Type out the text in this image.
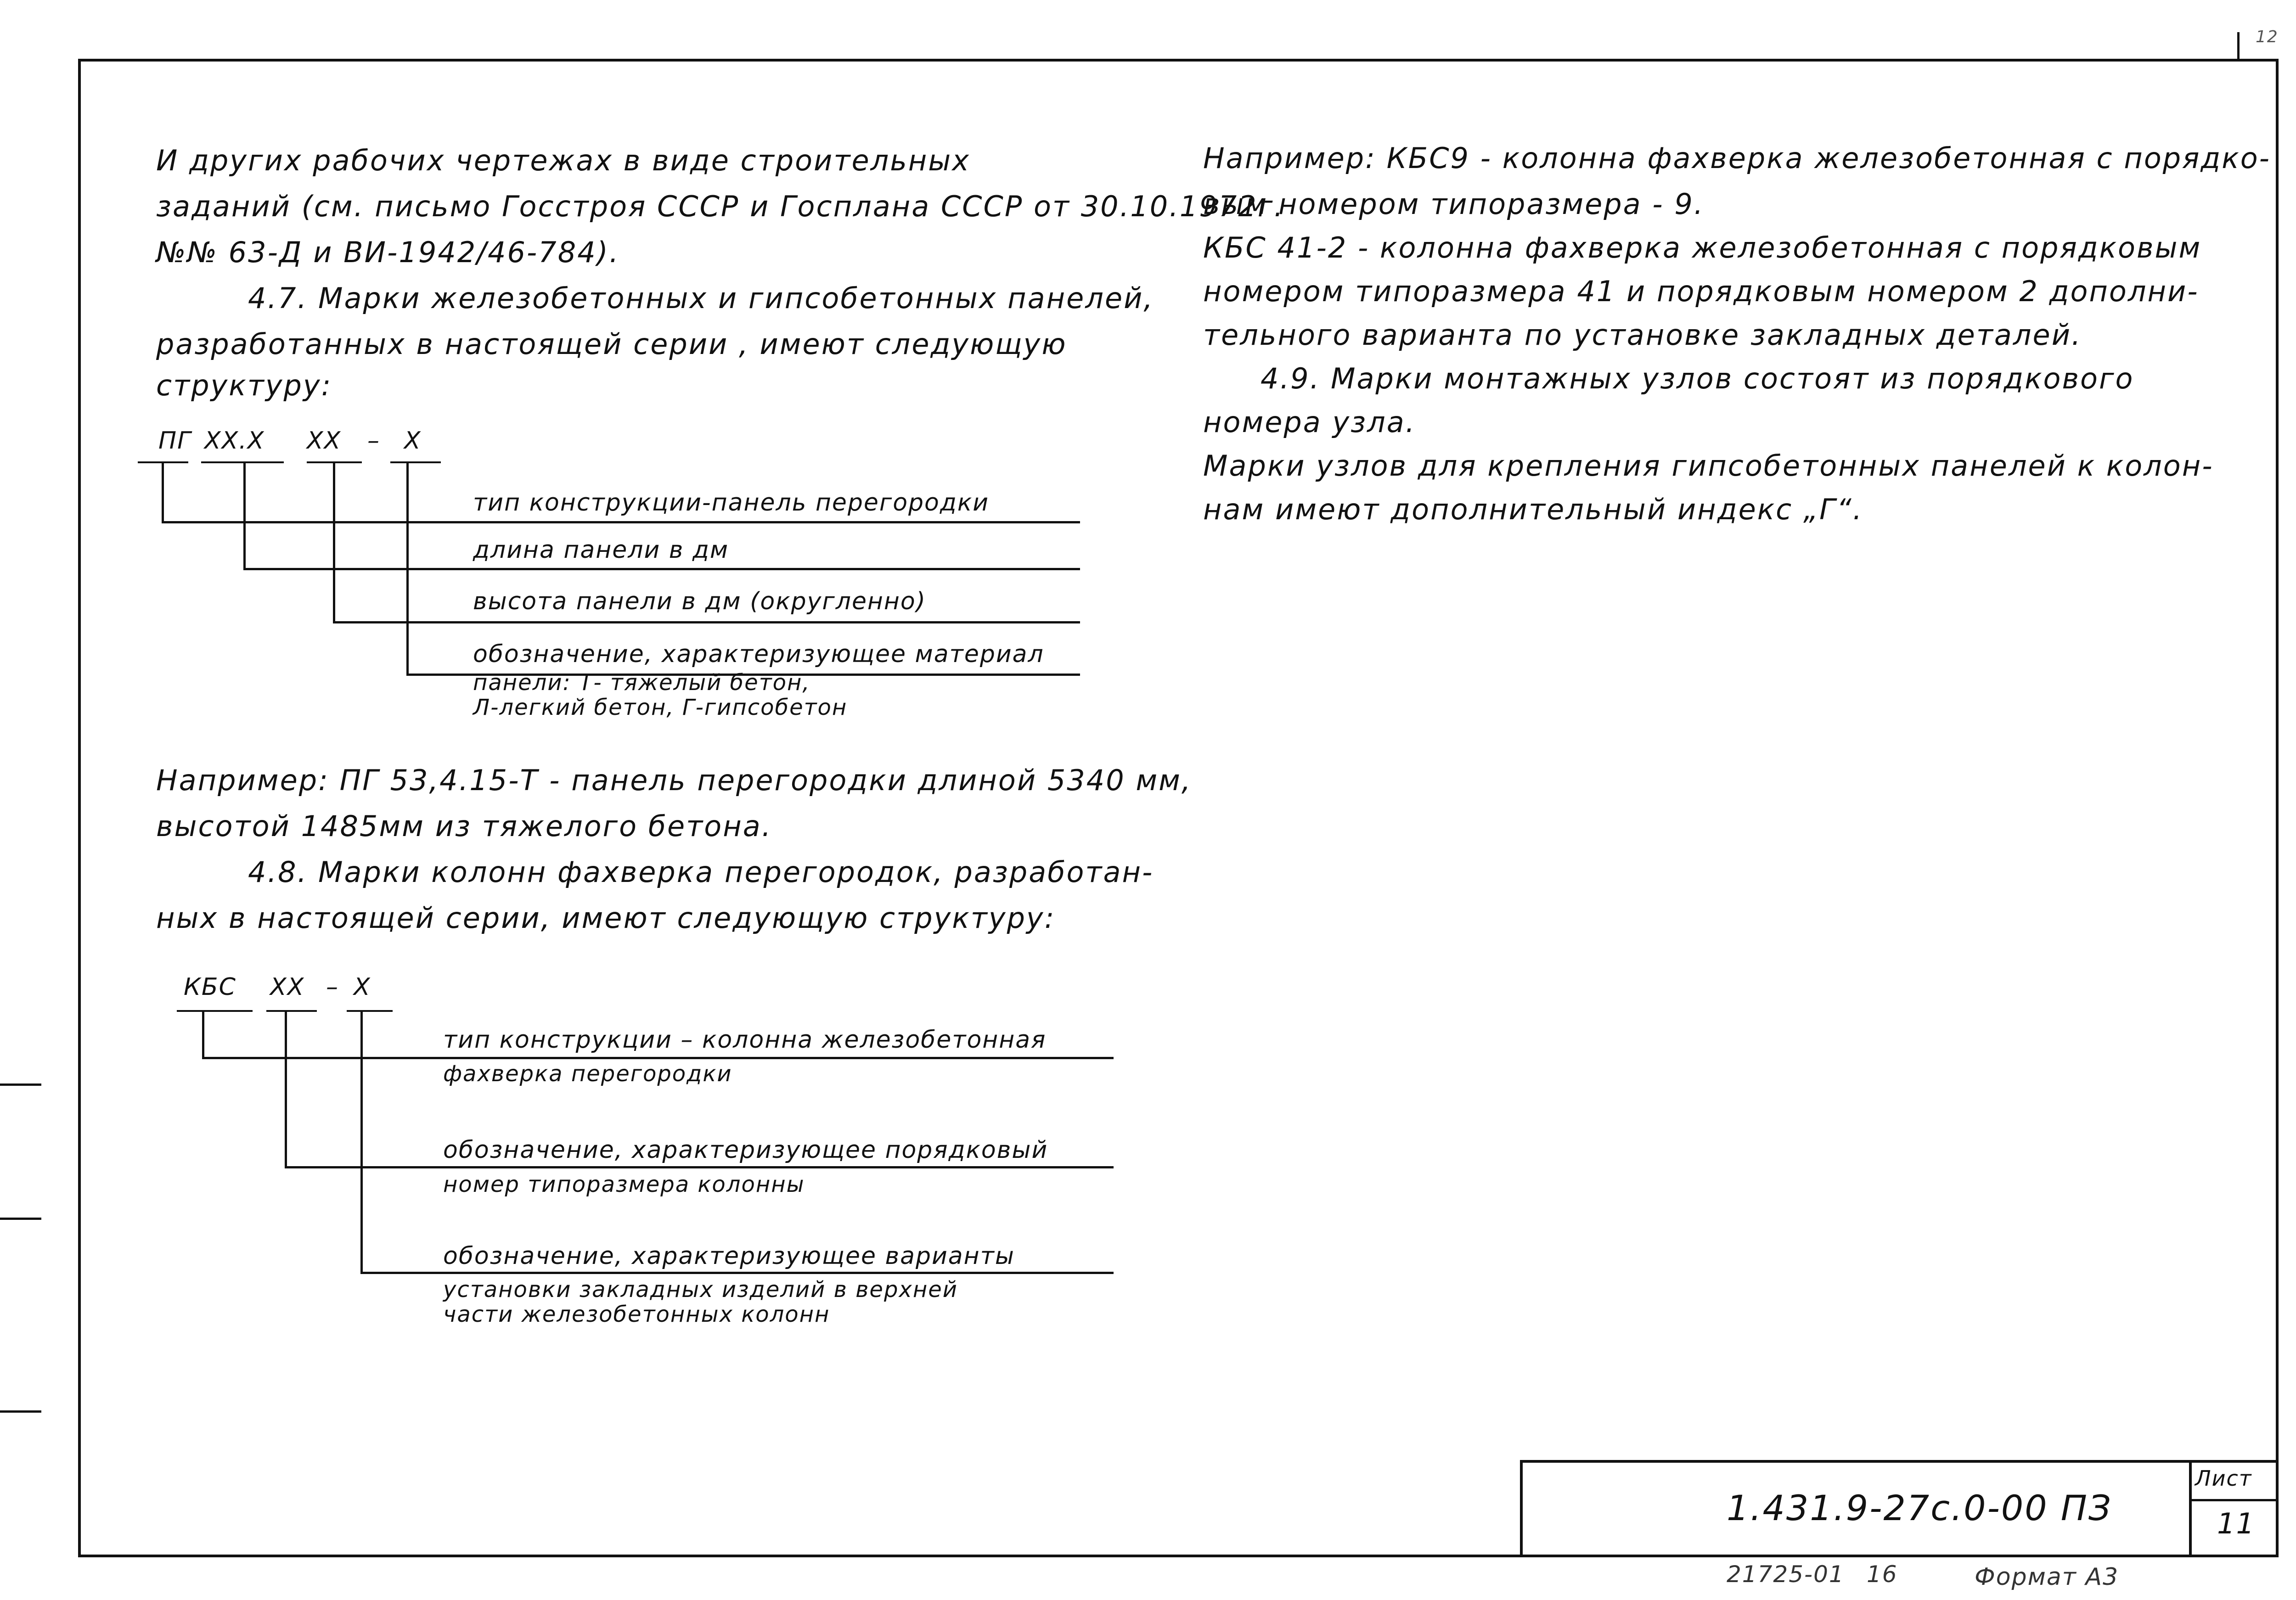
12
И других рабочих чертежах в виде строительных
заданий (см. письмо Госстроя СССР и Госплана СССР от 30.10.1972г.
№№ 63-Д и ВИ-1942/46-784).
4.7. Марки железобетонных и гипсобетонных панелей,
разработанных в настоящей серии , имеют следующую
структуру:
ПГ XX.X XX – X
тип конструкции-панель перегородки
длина панели в дм
высота панели в дм (округленно)
обозначение, характеризующее материал
панели: Т- тяжелый бетон,
Л-легкий бетон, Г-гипсобетон
Например: ПГ 53,4.15-Т - панель перегородки длиной 5340 мм,
высотой 1485мм из тяжелого бетона.
4.8. Марки колонн фахверка перегородок, разработан-
ных в настоящей серии, имеют следующую структуру:
КБС XX – X
тип конструкции – колонна железобетонная
фахверка перегородки
обозначение, характеризующее порядковый
номер типоразмера колонны
обозначение, характеризующее варианты
установки закладных изделий в верхней
части железобетонных колонн
Например: КБС9 - колонна фахверка железобетонная с порядко-
вым номером типоразмера - 9.
КБС 41-2 - колонна фахверка железобетонная с порядковым
номером типоразмера 41 и порядковым номером 2 дополни-
тельного варианта по установке закладных деталей.
4.9. Марки монтажных узлов состоят из порядкового
номера узла.
Марки узлов для крепления гипсобетонных панелей к колон-
нам имеют дополнительный индекс „Г“.
1.431.9-27с.0-00 ПЗ
Лист
11
21725-01 16	Формат А3
